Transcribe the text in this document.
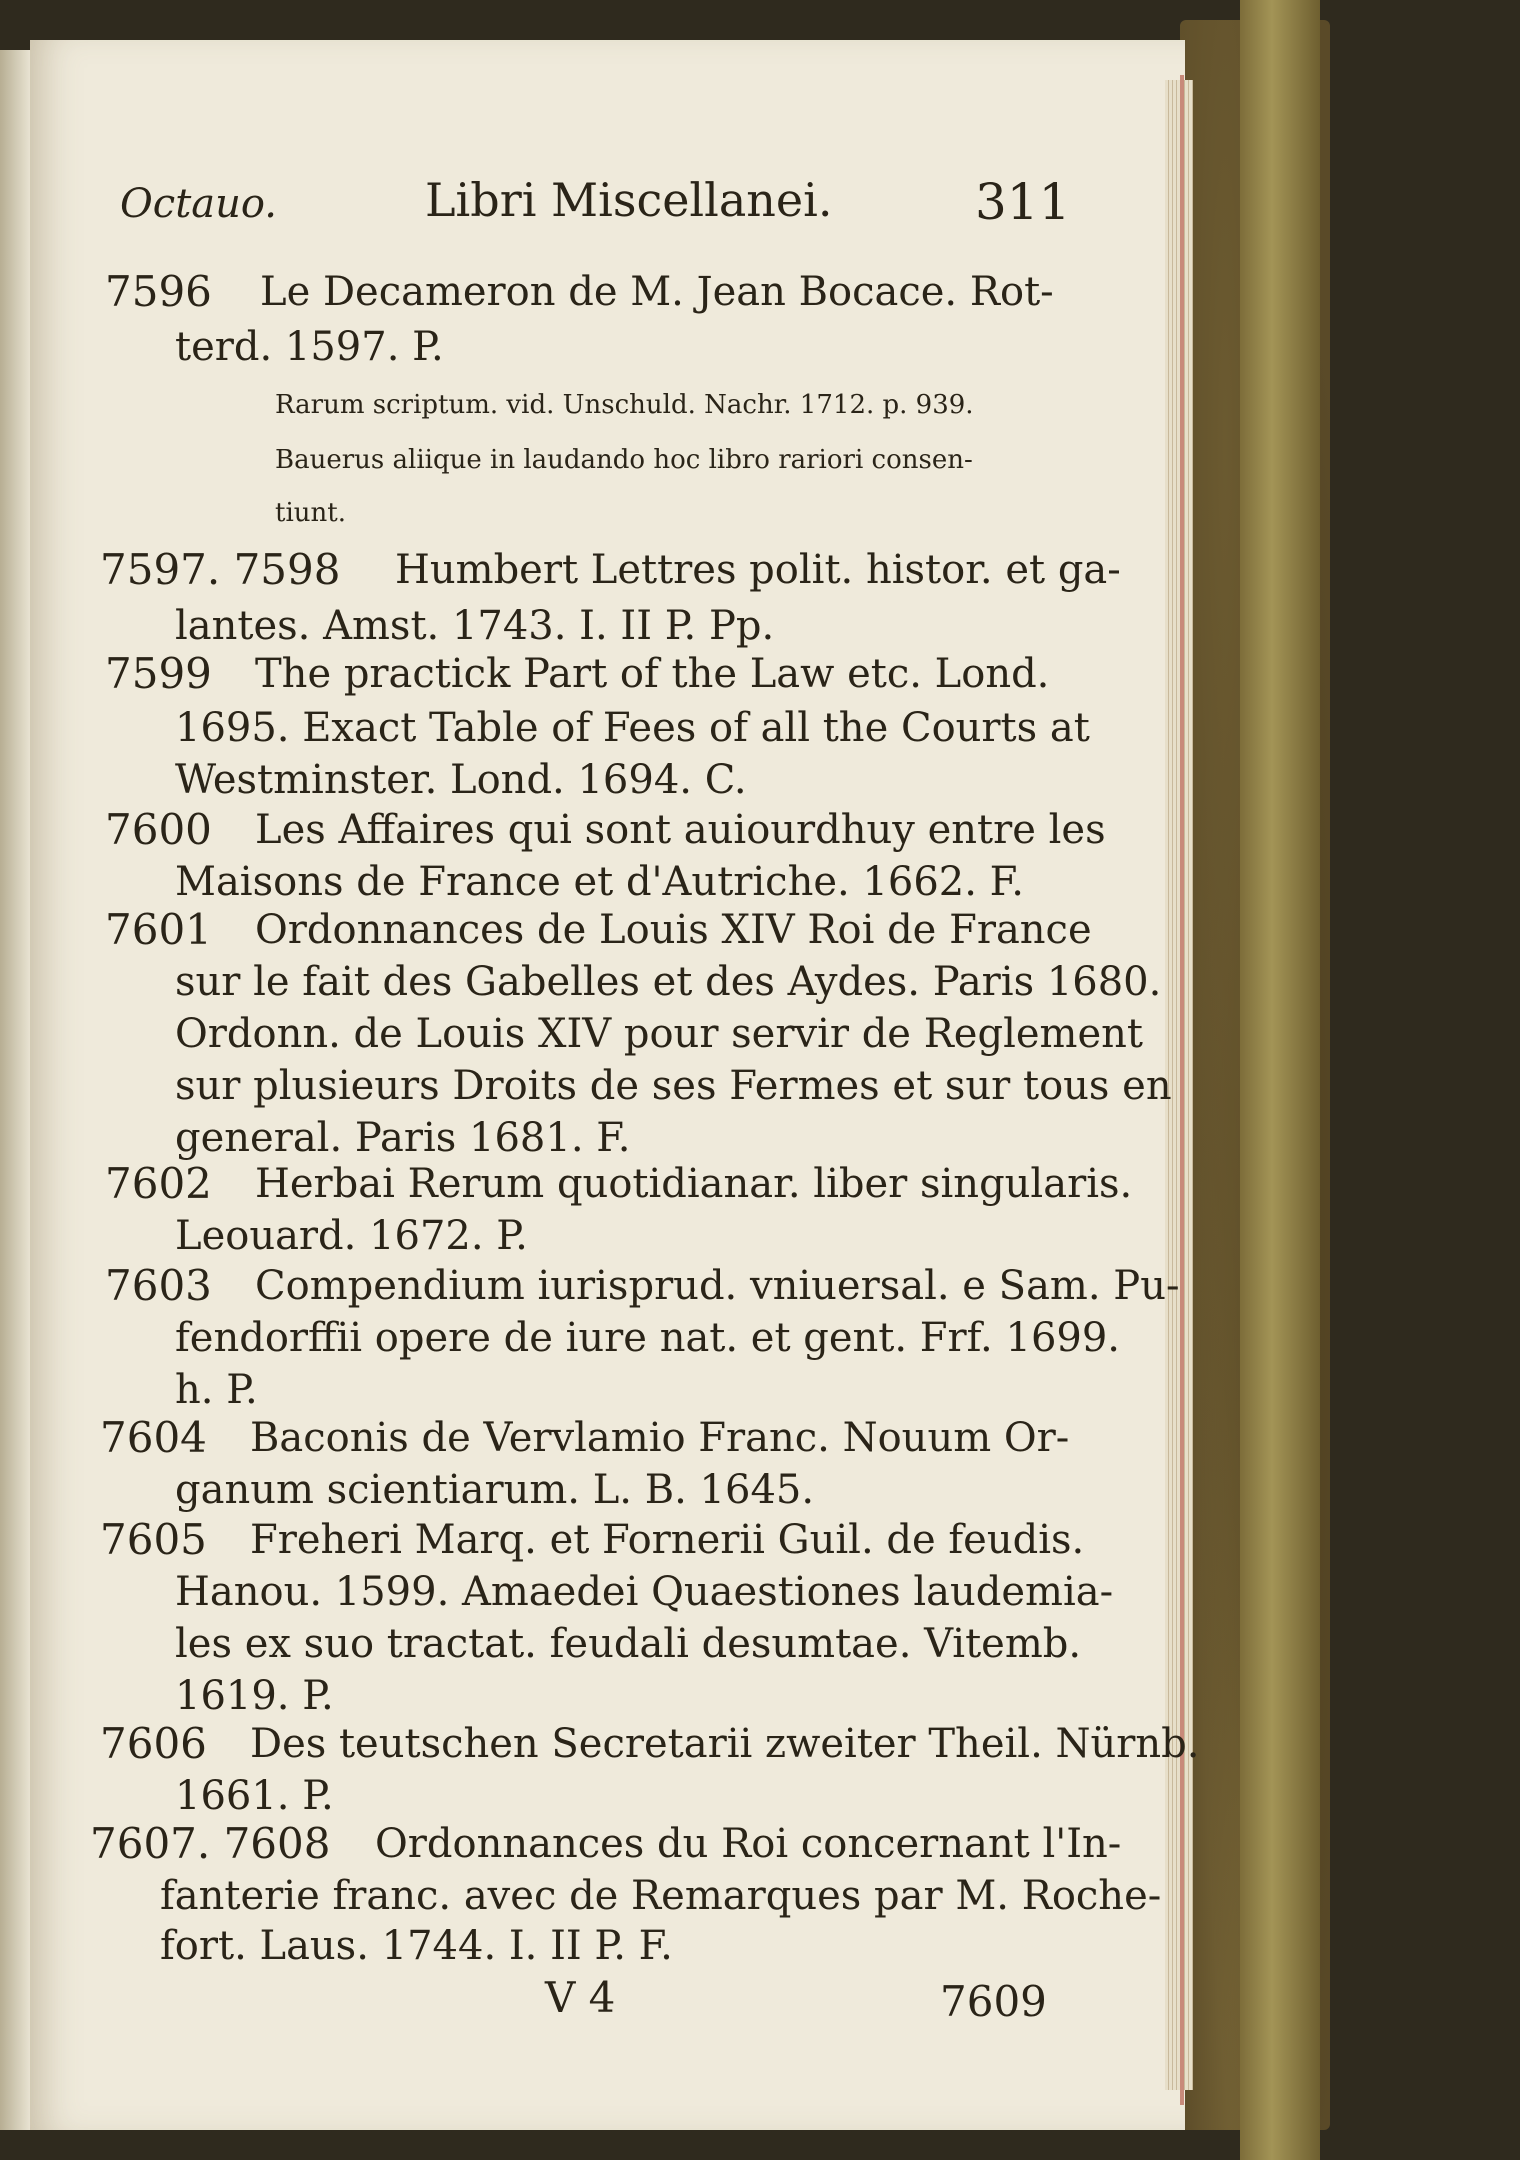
Octauo.	Libri Miscellanei.	311
7596 Le Decameron de M. Jean Bocace. Rot-
terd. 1597. P.
Rarum scriptum. vid. Unschuld. Nachr. 1712. p. 939.
Bauerus aliique in laudando hoc libro rariori consen-
tiunt.
7597. 7598 Humbert Lettres polit. histor. et ga-
lantes. Amst. 1743. I. II P. Pp.
7599 The practick Part of the Law etc. Lond.
1695. Exact Table of Fees of all the Courts at
Westminster. Lond. 1694. C.
7600 Les Affaires qui sont auiourdhuy entre les
Maisons de France et d'Autriche. 1662. F.
7601 Ordonnances de Louis XIV Roi de France
sur le fait des Gabelles et des Aydes. Paris 1680.
Ordonn. de Louis XIV pour servir de Reglement
sur plusieurs Droits de ses Fermes et sur tous en
general. Paris 1681. F.
7602 Herbai Rerum quotidianar. liber singularis.
Leouard. 1672. P.
7603 Compendium iurisprud. vniuersal. e Sam. Pu-
fendorffii opere de iure nat. et gent. Frf. 1699.
h. P.
7604 Baconis de Vervlamio Franc. Nouum Or-
ganum scientiarum. L. B. 1645.
7605 Freheri Marq. et Fornerii Guil. de feudis.
Hanou. 1599. Amaedei Quaestiones laudemia-
les ex suo tractat. feudali desumtae. Vitemb.
1619. P.
7606 Des teutschen Secretarii zweiter Theil. Nürnb.
1661. P.
7607. 7608 Ordonnances du Roi concernant l'In-
fanterie franc. avec de Remarques par M. Roche-
fort. Laus. 1744. I. II P. F.
V 4	7609
